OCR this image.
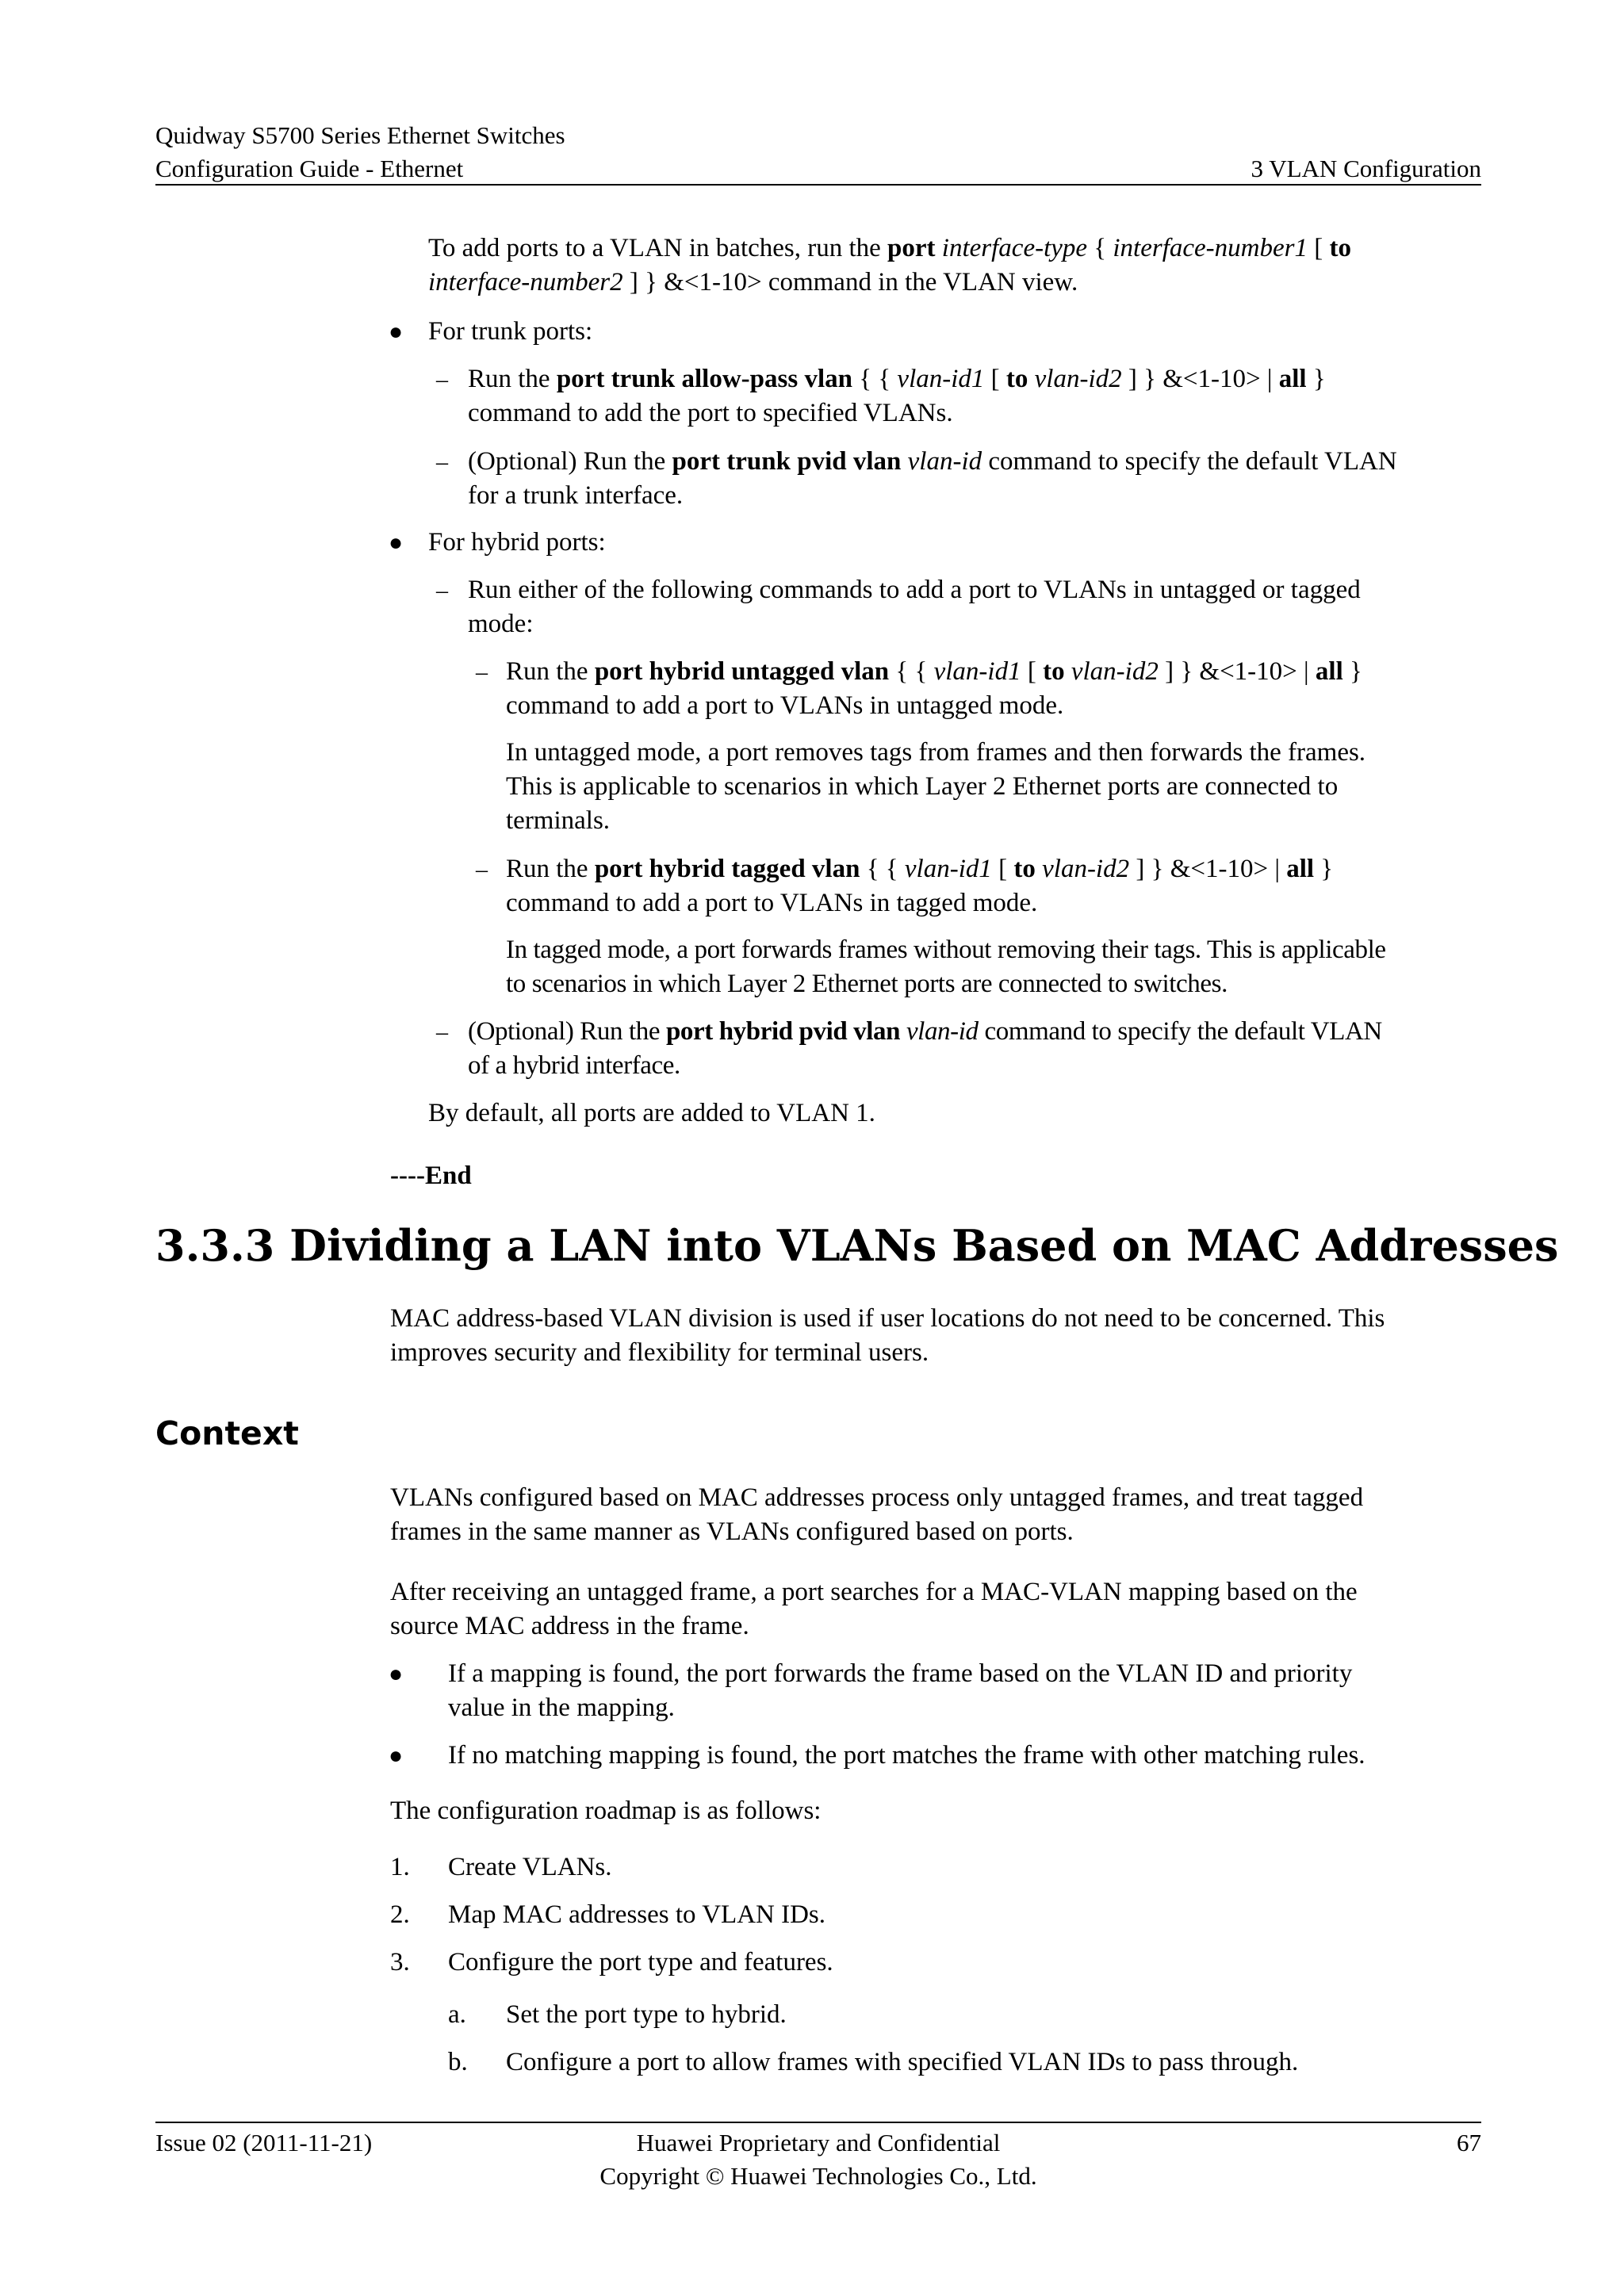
Quidway S5700 Series Ethernet Switches
Configuration Guide - Ethernet	3 VLAN Configuration

To add ports to a VLAN in batches, run the port interface-type { interface-number1 [ to
interface-number2 ] } &<1-10> command in the VLAN view.

● For trunk ports:

– Run the port trunk allow-pass vlan { { vlan-id1 [ to vlan-id2 ] } &<1-10> | all }
command to add the port to specified VLANs.

– (Optional) Run the port trunk pvid vlan vlan-id command to specify the default VLAN
for a trunk interface.

● For hybrid ports:

– Run either of the following commands to add a port to VLANs in untagged or tagged
mode:

– Run the port hybrid untagged vlan { { vlan-id1 [ to vlan-id2 ] } &<1-10> | all }
command to add a port to VLANs in untagged mode.

In untagged mode, a port removes tags from frames and then forwards the frames.
This is applicable to scenarios in which Layer 2 Ethernet ports are connected to
terminals.

– Run the port hybrid tagged vlan { { vlan-id1 [ to vlan-id2 ] } &<1-10> | all }
command to add a port to VLANs in tagged mode.

In tagged mode, a port forwards frames without removing their tags. This is applicable
to scenarios in which Layer 2 Ethernet ports are connected to switches.

– (Optional) Run the port hybrid pvid vlan vlan-id command to specify the default VLAN
of a hybrid interface.

By default, all ports are added to VLAN 1.

----End

3.3.3 Dividing a LAN into VLANs Based on MAC Addresses

MAC address-based VLAN division is used if user locations do not need to be concerned. This
improves security and flexibility for terminal users.

Context

VLANs configured based on MAC addresses process only untagged frames, and treat tagged
frames in the same manner as VLANs configured based on ports.

After receiving an untagged frame, a port searches for a MAC-VLAN mapping based on the
source MAC address in the frame.

● If a mapping is found, the port forwards the frame based on the VLAN ID and priority
value in the mapping.

● If no matching mapping is found, the port matches the frame with other matching rules.

The configuration roadmap is as follows:

1. Create VLANs.

2. Map MAC addresses to VLAN IDs.

3. Configure the port type and features.

a. Set the port type to hybrid.

b. Configure a port to allow frames with specified VLAN IDs to pass through.

Issue 02 (2011-11-21)	Huawei Proprietary and Confidential
Copyright © Huawei Technologies Co., Ltd.
67
